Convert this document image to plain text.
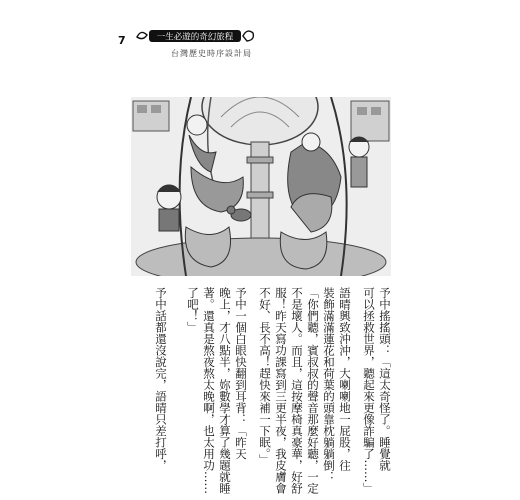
7	一生必遊的奇幻旅程
台灣歷史時序設計局
予中搖搖頭：「這太奇怪了。睡覺就
可以拯救世界，聽起來更像詐騙了……」
語晴興致沖沖，大喇喇地一屁股，往
裝飾滿滿蓮花和荷葉的頭靠枕躺躺倒：
「你們聽，賓叔叔的聲音那麼好聽，一定
不是壞人。而且，這按摩椅真豪華，好舒
服！昨天寫功課寫到三更半夜，我皮膚會
不好、長不高！趕快來補一下眠。」
予中一個白眼快翻到耳背：「昨天
晚上，才八點半，妳數學才算了幾題就睡
著。還真是熬夜熬太晚啊，也太用功……
了吧！」
予中話都還沒說完，語晴只差打呼，
